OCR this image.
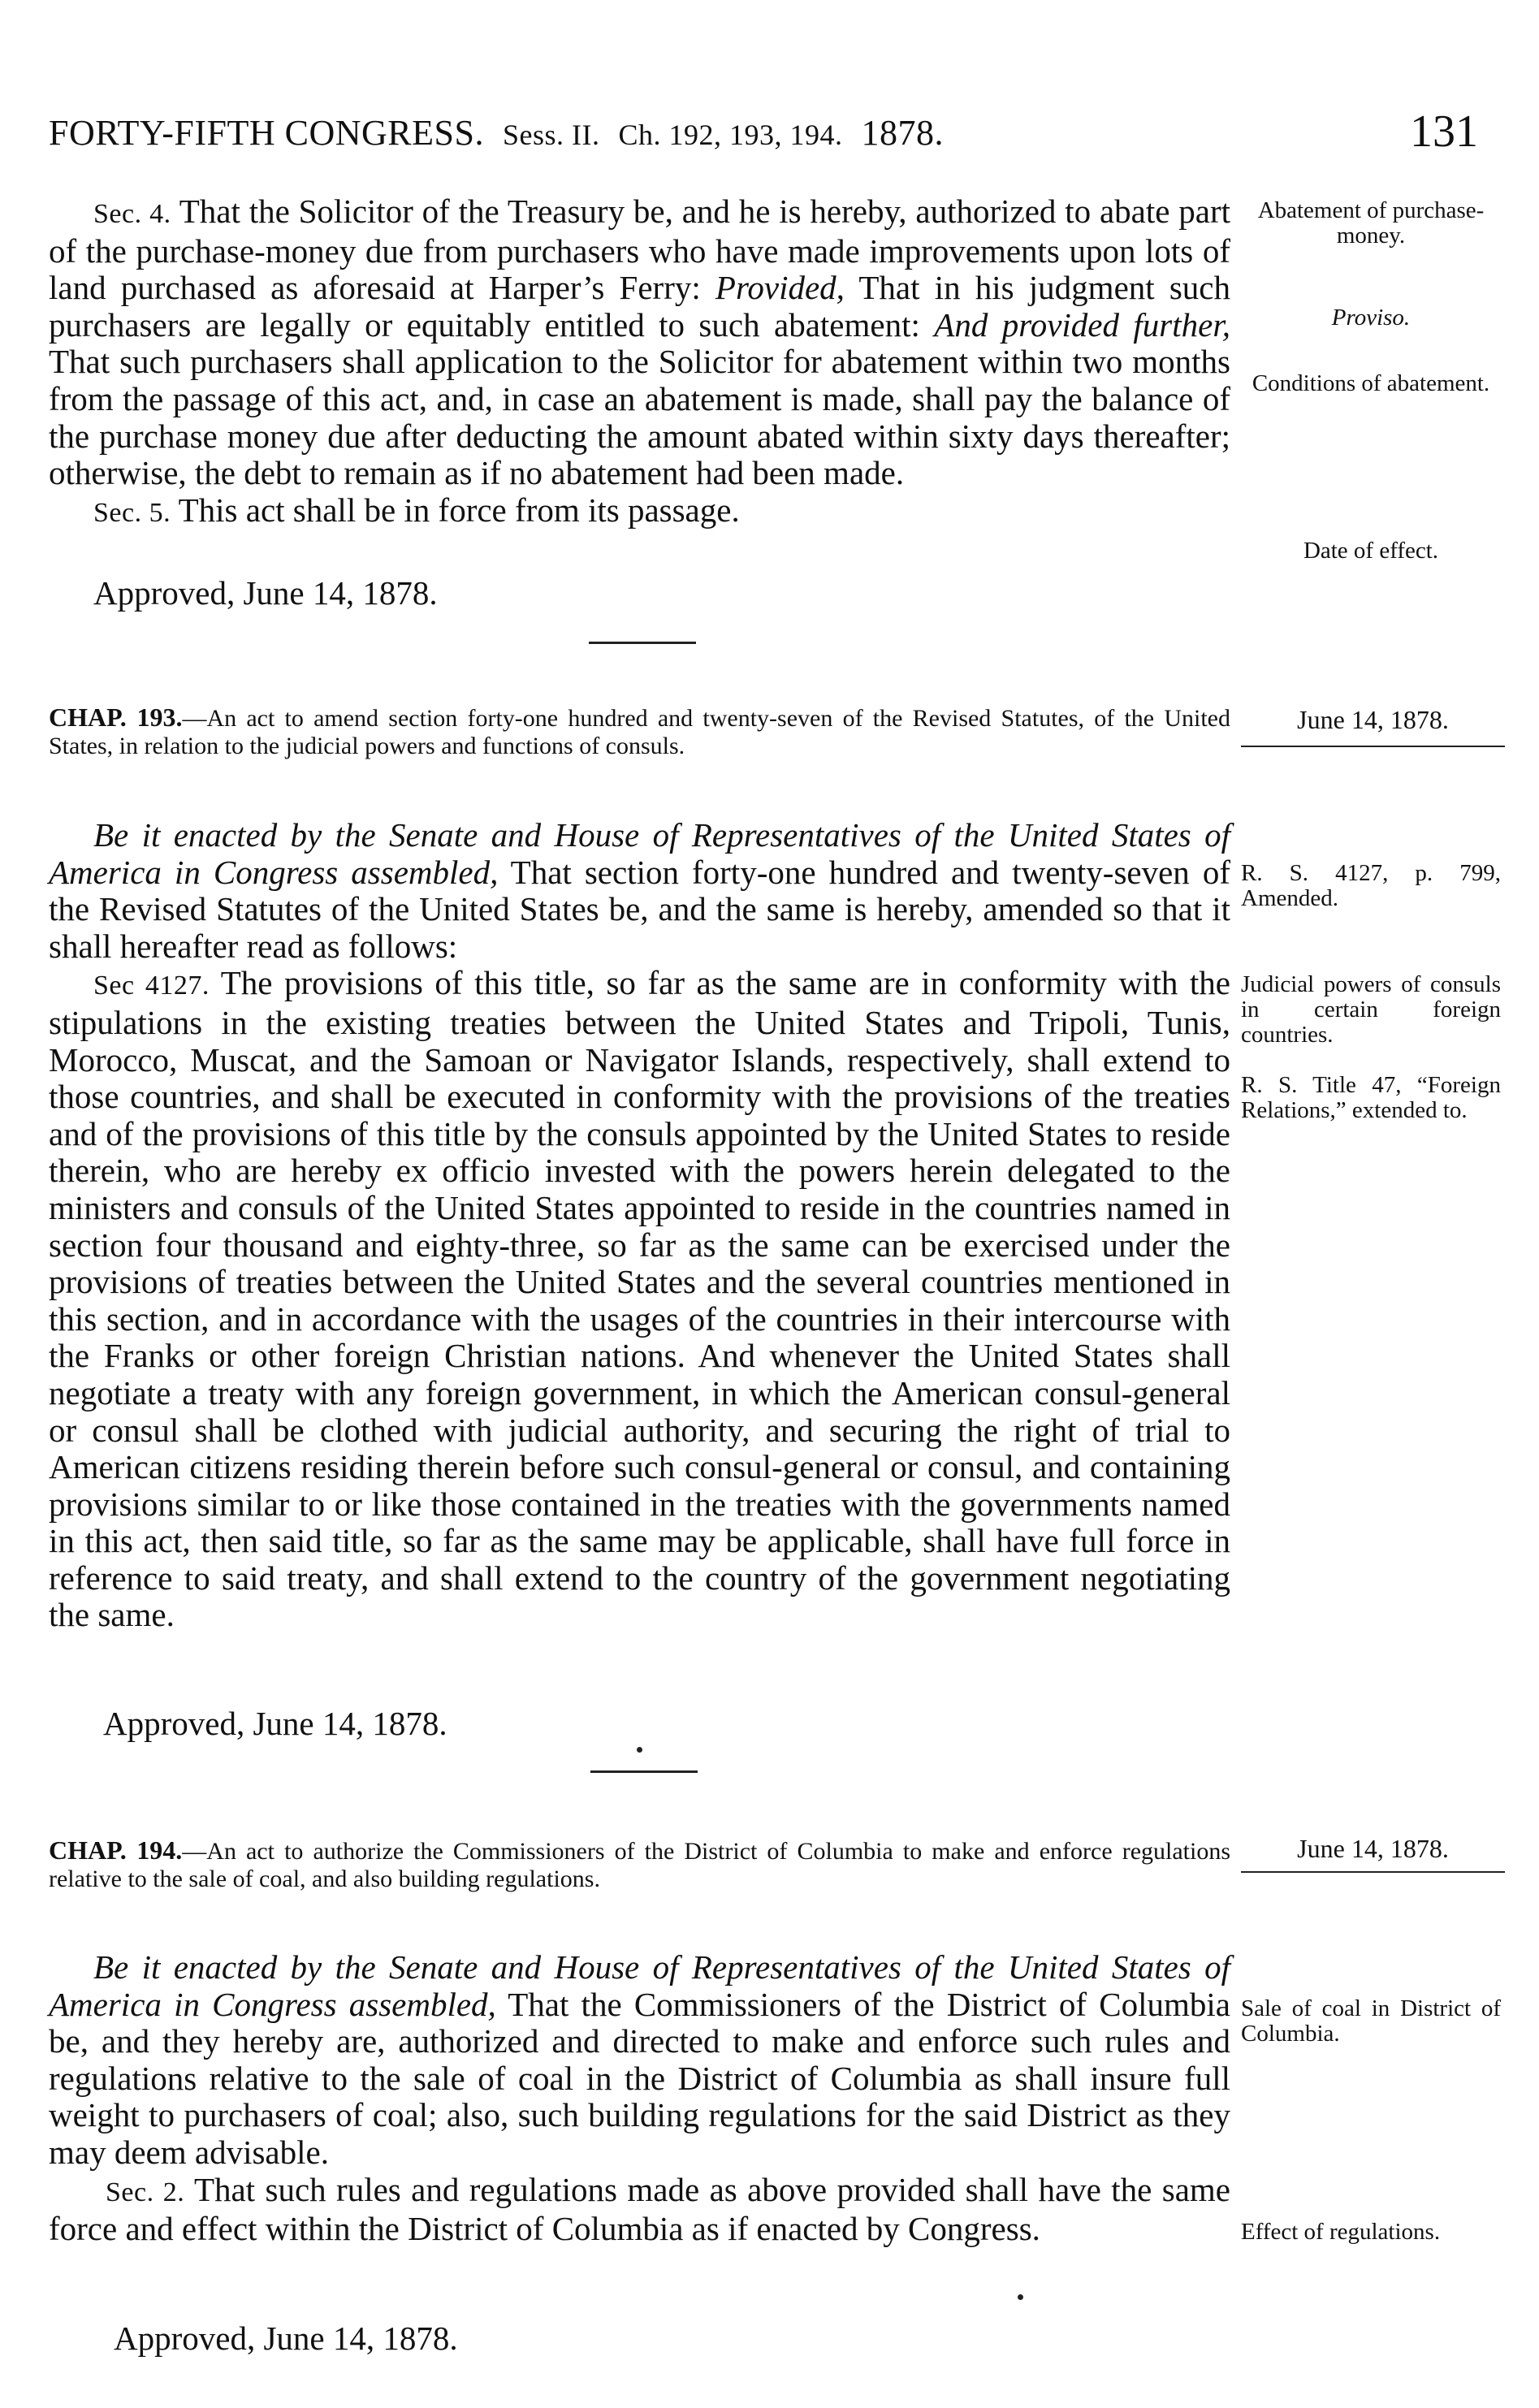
FORTY-FIFTH CONGRESS. Sess. II. Ch. 192, 193, 194. 1878.	131

Sec. 4. That the Solicitor of the Treasury be, and he is hereby, authorized to abate part of the purchase-money due from purchasers who have made improvements upon lots of land purchased as aforesaid at Harper’s Ferry: Provided, That in his judgment such purchasers are legally or equitably entitled to such abatement: And provided further, That such purchasers shall application to the Solicitor for abatement within two months from the passage of this act, and, in case an abatement is made, shall pay the balance of the purchase money due after deducting the amount abated within sixty days thereafter; otherwise, the debt to remain as if no abatement had been made.

Sec. 5. This act shall be in force from its passage.

Approved, June 14, 1878.
Abatement of purchase-money.
Proviso.
Conditions of abatement.
Date of effect.
CHAP. 193.—An act to amend section forty-one hundred and twenty-seven of the Revised Statutes, of the United States, in relation to the judicial powers and functions of consuls.
June 14, 1878.

Be it enacted by the Senate and House of Representatives of the United States of America in Congress assembled, That section forty-one hundred and twenty-seven of the Revised Statutes of the United States be, and the same is hereby, amended so that it shall hereafter read as follows:

Sec 4127. The provisions of this title, so far as the same are in conformity with the stipulations in the existing treaties between the United States and Tripoli, Tunis, Morocco, Muscat, and the Samoan or Navigator Islands, respectively, shall extend to those countries, and shall be executed in conformity with the provisions of the treaties and of the provisions of this title by the consuls appointed by the United States to reside therein, who are hereby ex officio invested with the powers herein delegated to the ministers and consuls of the United States appointed to reside in the countries named in section four thousand and eighty-three, so far as the same can be exercised under the provisions of treaties between the United States and the several countries mentioned in this section, and in accordance with the usages of the countries in their intercourse with the Franks or other foreign Christian nations. And whenever the United States shall negotiate a treaty with any foreign government, in which the American consul-general or consul shall be clothed with judicial authority, and securing the right of trial to American citizens residing therein before such consul-general or consul, and containing provisions similar to or like those contained in the treaties with the governments named in this act, then said title, so far as the same may be applicable, shall have full force in reference to said treaty, and shall extend to the country of the government negotiating the same.

Approved, June 14, 1878.
R. S. 4127, p. 799, Amended.
Judicial powers of consuls in certain foreign countries.
R. S. Title 47, “Foreign Relations,” extended to.
CHAP. 194.—An act to authorize the Commissioners of the District of Columbia to make and enforce regulations relative to the sale of coal, and also building regulations.
June 14, 1878.

Be it enacted by the Senate and House of Representatives of the United States of America in Congress assembled, That the Commissioners of the District of Columbia be, and they hereby are, authorized and directed to make and enforce such rules and regulations relative to the sale of coal in the District of Columbia as shall insure full weight to purchasers of coal; also, such building regulations for the said District as they may deem advisable.

Sec. 2. That such rules and regulations made as above provided shall have the same force and effect within the District of Columbia as if enacted by Congress.

Approved, June 14, 1878.
Sale of coal in District of Columbia.
Effect of regulations.
